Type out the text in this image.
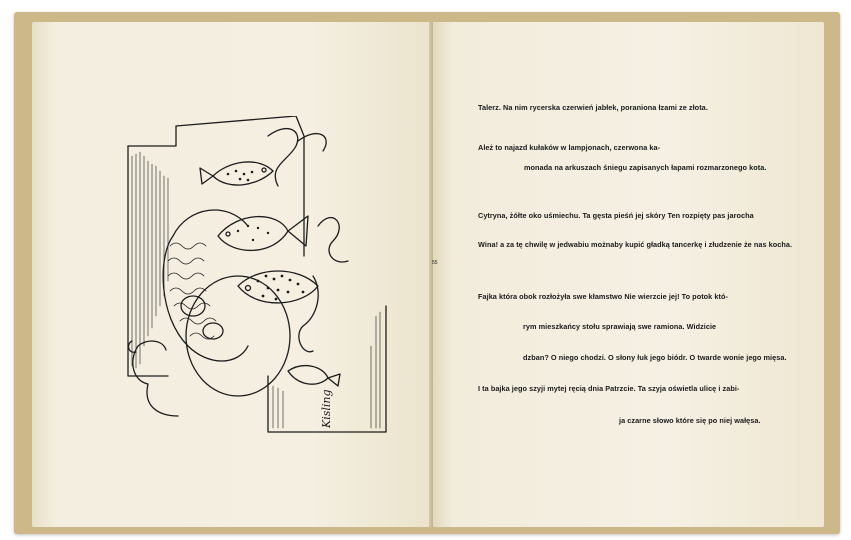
Kisling
55
Talerz. Na nim rycerska czerwień jabłek, poraniona łzami ze złota.
Ależ to najazd kułaków w lampjonach, czerwona ka-
monada na arkuszach śniegu zapisanych łapami rozmarzonego kota.
Cytryna, żółte oko uśmiechu. Ta gęsta pieśń jej skóry Ten rozpięty pas jarocha
Wina! a za tę chwilę w jedwabiu możnaby kupić gładką tancerkę i złudzenie że nas kocha.
Fajka która obok rozłożyła swe kłamstwo Nie wierzcie jej! To potok któ-
rym mieszkańcy stołu sprawiają swe ramiona. Widzicie
dzban? O niego chodzi. O słony łuk jego biódr. O twarde wonie jego mięsa.
I ta bajka jego szyji mytej ręcią dnia Patrzcie. Ta szyja oświetla ulicę i zabi-
ja czarne słowo które się po niej wałęsa.
